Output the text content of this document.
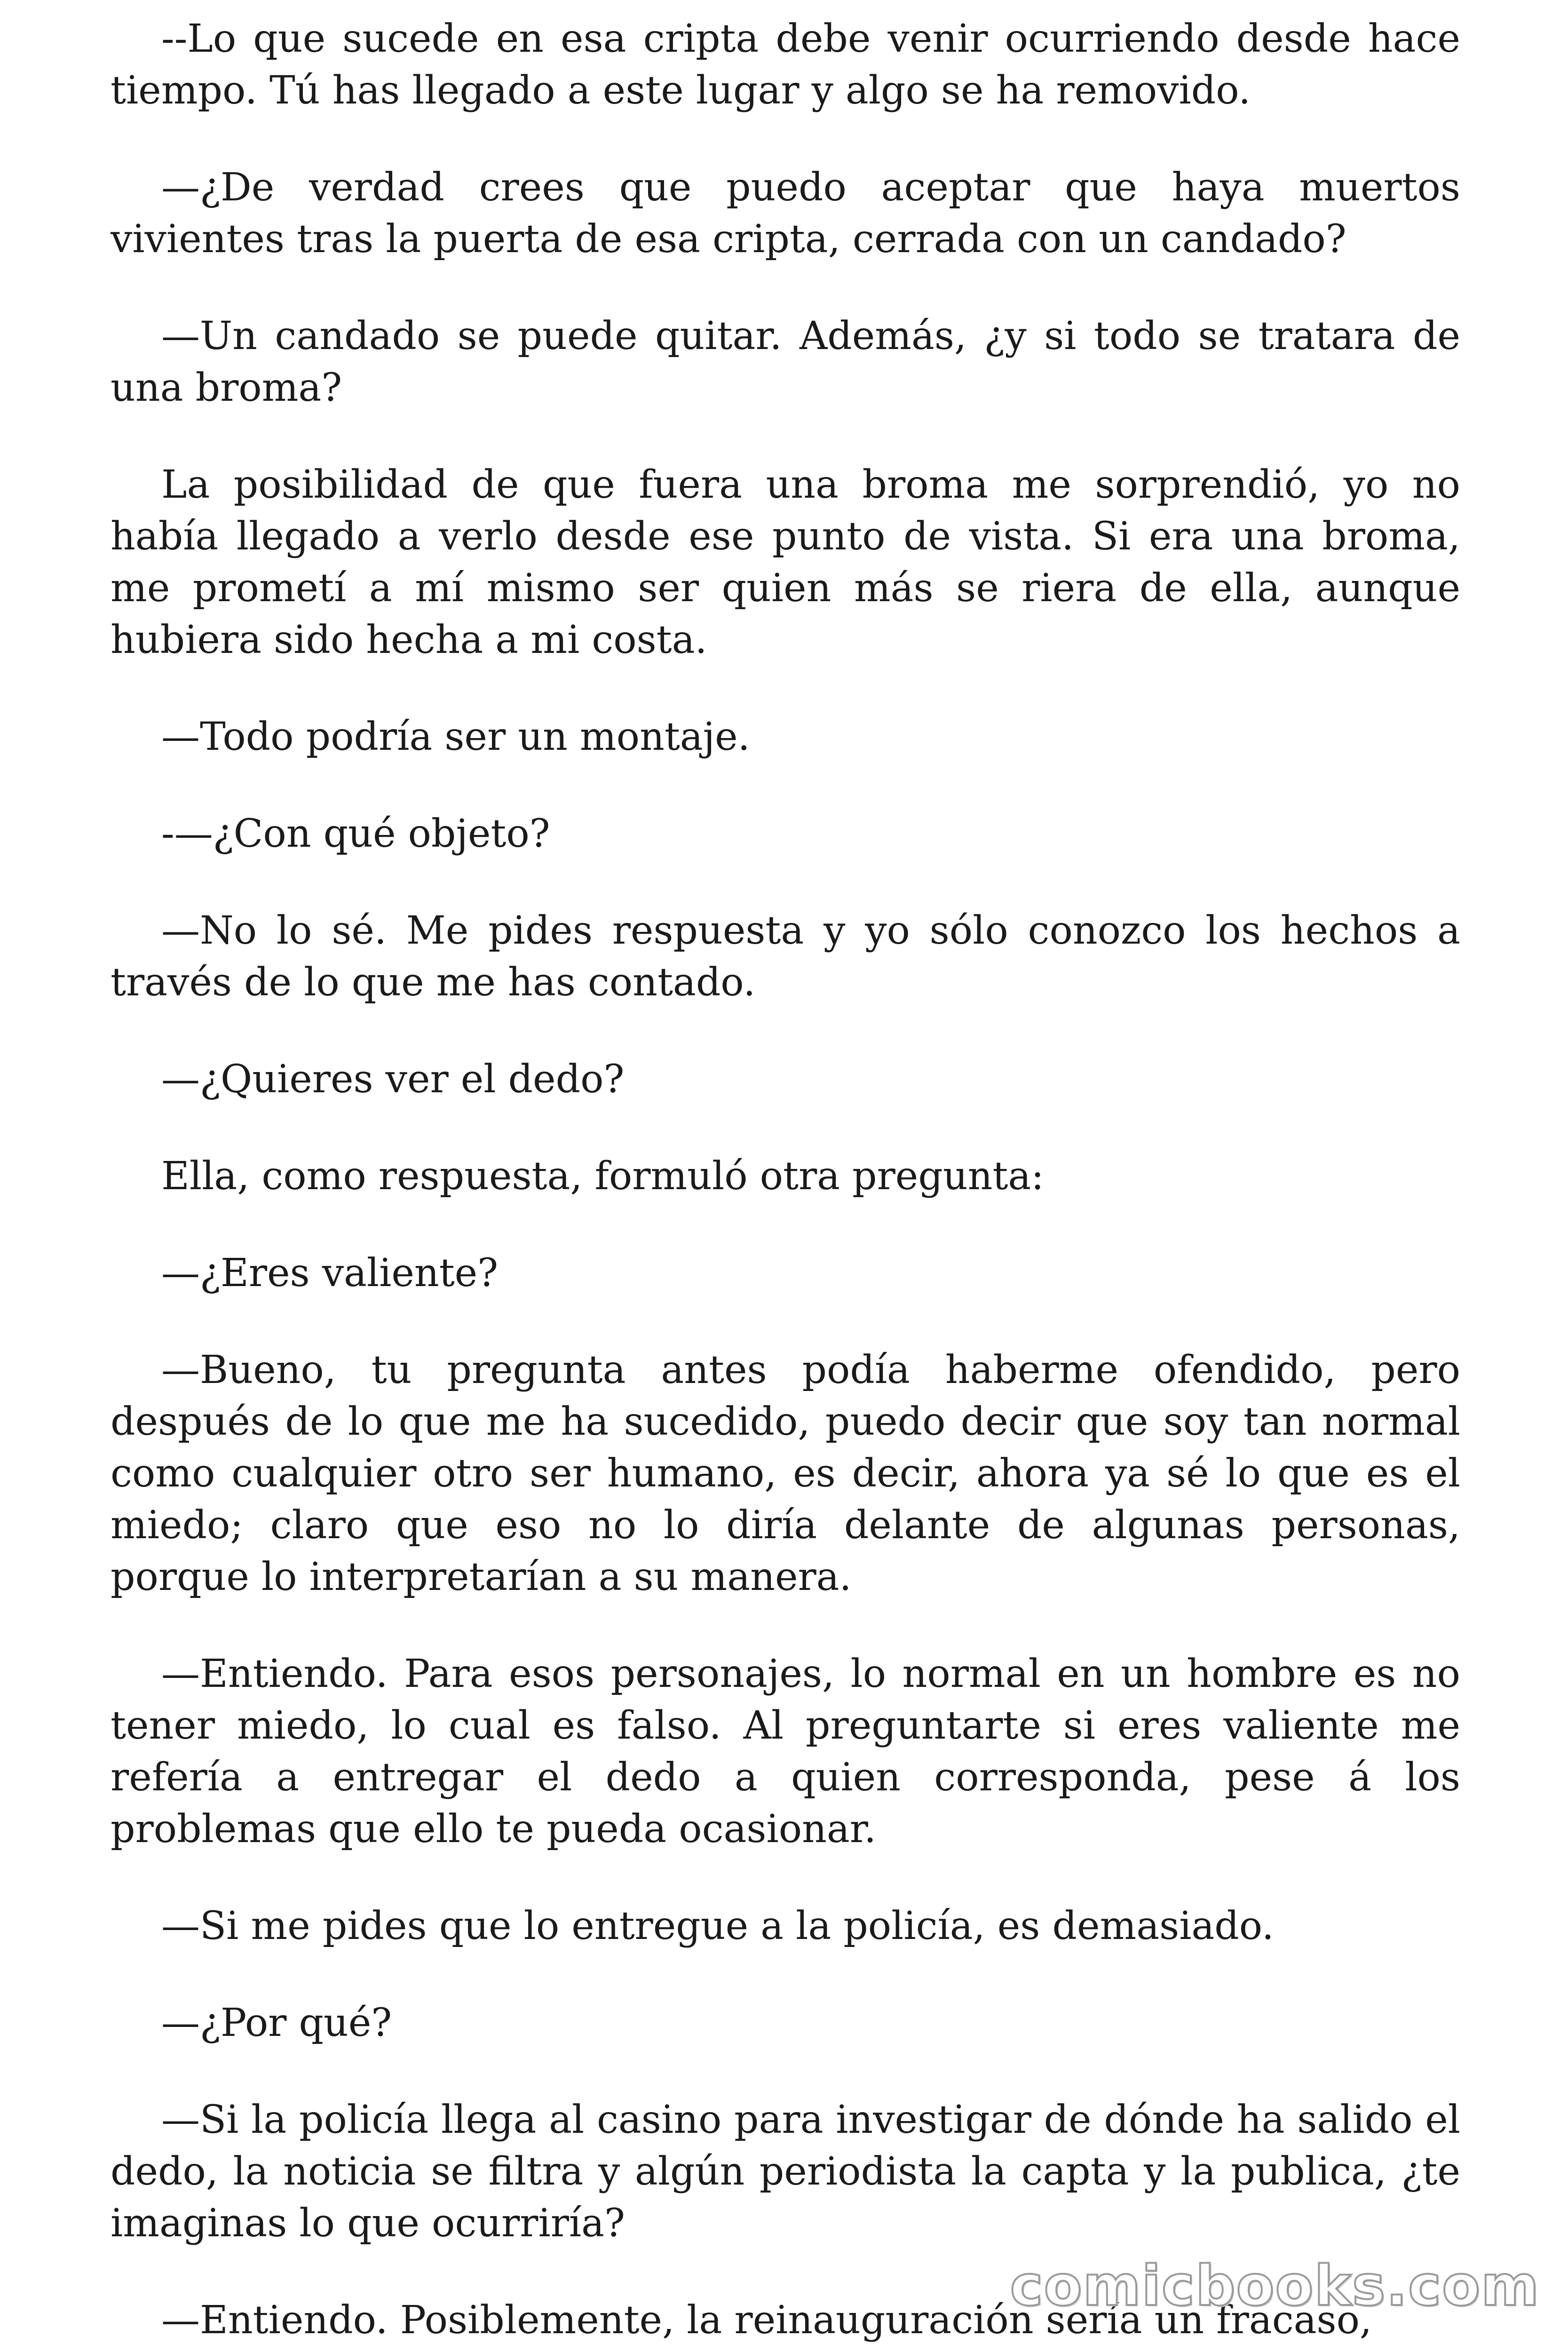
--Lo que sucede en esa cripta debe venir ocurriendo desde hace tiempo. Tú has llegado a este lugar y algo se ha removido.

—¿De verdad crees que puedo aceptar que haya muertos vivientes tras la puerta de esa cripta, cerrada con un candado?

—Un candado se puede quitar. Además, ¿y si todo se tratara de una broma?

La posibilidad de que fuera una broma me sorprendió, yo no había llegado a verlo desde ese punto de vista. Si era una broma, me prometí a mí mismo ser quien más se riera de ella, aunque hubiera sido hecha a mi costa.

—Todo podría ser un montaje.

-—¿Con qué objeto?

—No lo sé. Me pides respuesta y yo sólo conozco los hechos a través de lo que me has contado.

—¿Quieres ver el dedo?

Ella, como respuesta, formuló otra pregunta:

—¿Eres valiente?

—Bueno, tu pregunta antes podía haberme ofendido, pero después de lo que me ha sucedido, puedo decir que soy tan normal como cualquier otro ser humano, es decir, ahora ya sé lo que es el miedo; claro que eso no lo diría delante de algunas personas, porque lo interpretarían a su manera.

—Entiendo. Para esos personajes, lo normal en un hombre es no tener miedo, lo cual es falso. Al preguntarte si eres valiente me refería a entregar el dedo a quien corresponda, pese á los problemas que ello te pueda ocasionar.

—Si me pides que lo entregue a la policía, es demasiado.

—¿Por qué?

—Si la policía llega al casino para investigar de dónde ha salido el dedo, la noticia se filtra y algún periodista la capta y la publica, ¿te imaginas lo que ocurriría?

—Entiendo. Posiblemente, la reinauguración sería un fracaso,

comicbooks.com
